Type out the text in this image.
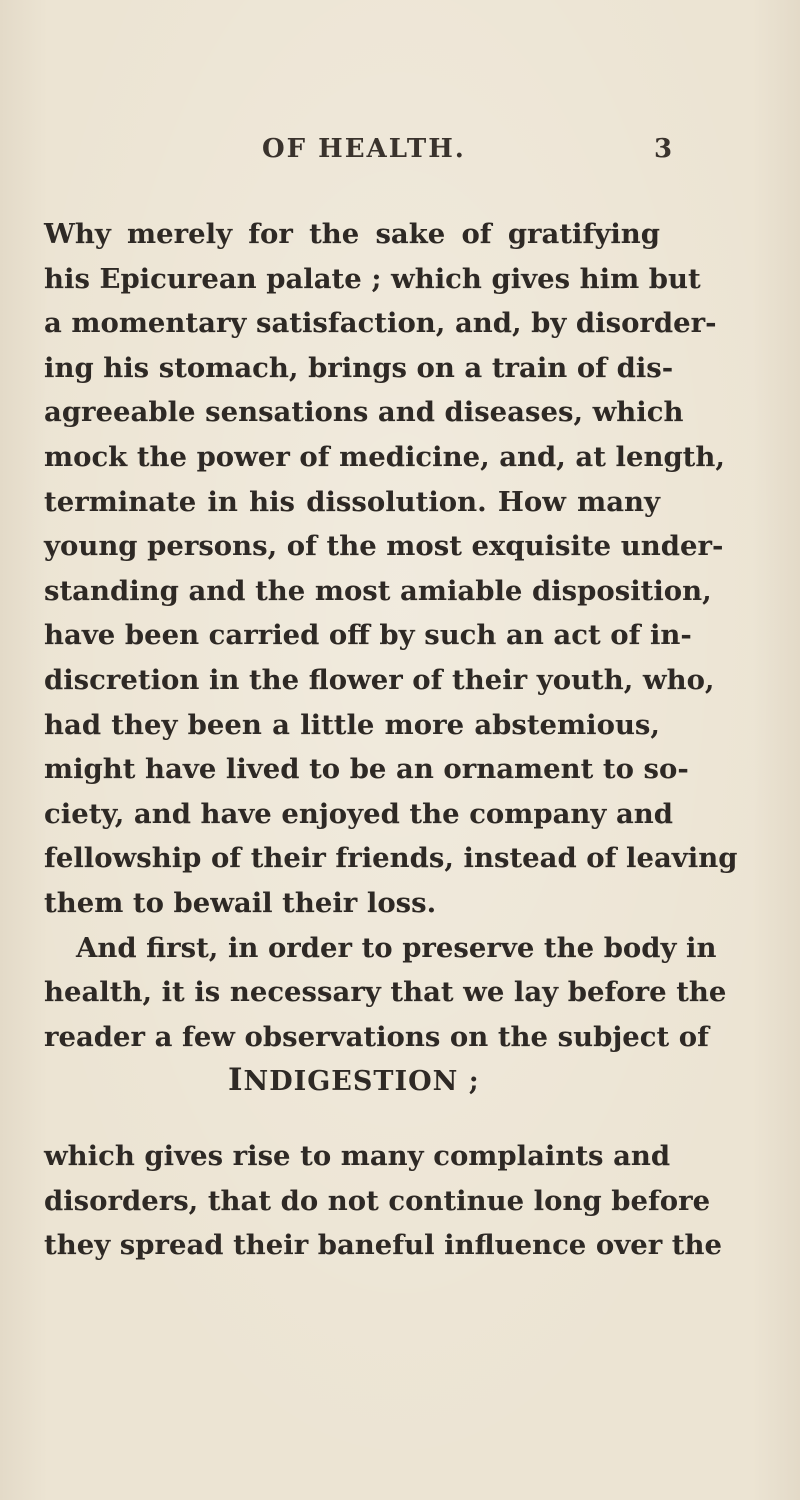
OF HEALTH.	3
Why merely for the sake of gratifying
his Epicurean palate ; which gives him but
a momentary satisfaction, and, by disorder-
ing his stomach, brings on a train of dis-
agreeable sensations and diseases, which
mock the power of medicine, and, at length,
terminate in his dissolution. How many
young persons, of the most exquisite under-
standing and the most amiable disposition,
have been carried off by such an act of in-
discretion in the flower of their youth, who,
had they been a little more abstemious,
might have lived to be an ornament to so-
ciety, and have enjoyed the company and
fellowship of their friends, instead of leaving
them to bewail their loss.
And first, in order to preserve the body in
health, it is necessary that we lay before the
reader a few observations on the subject of
INDIGESTION ;
which gives rise to many complaints and
disorders, that do not continue long before
they spread their baneful influence over the
